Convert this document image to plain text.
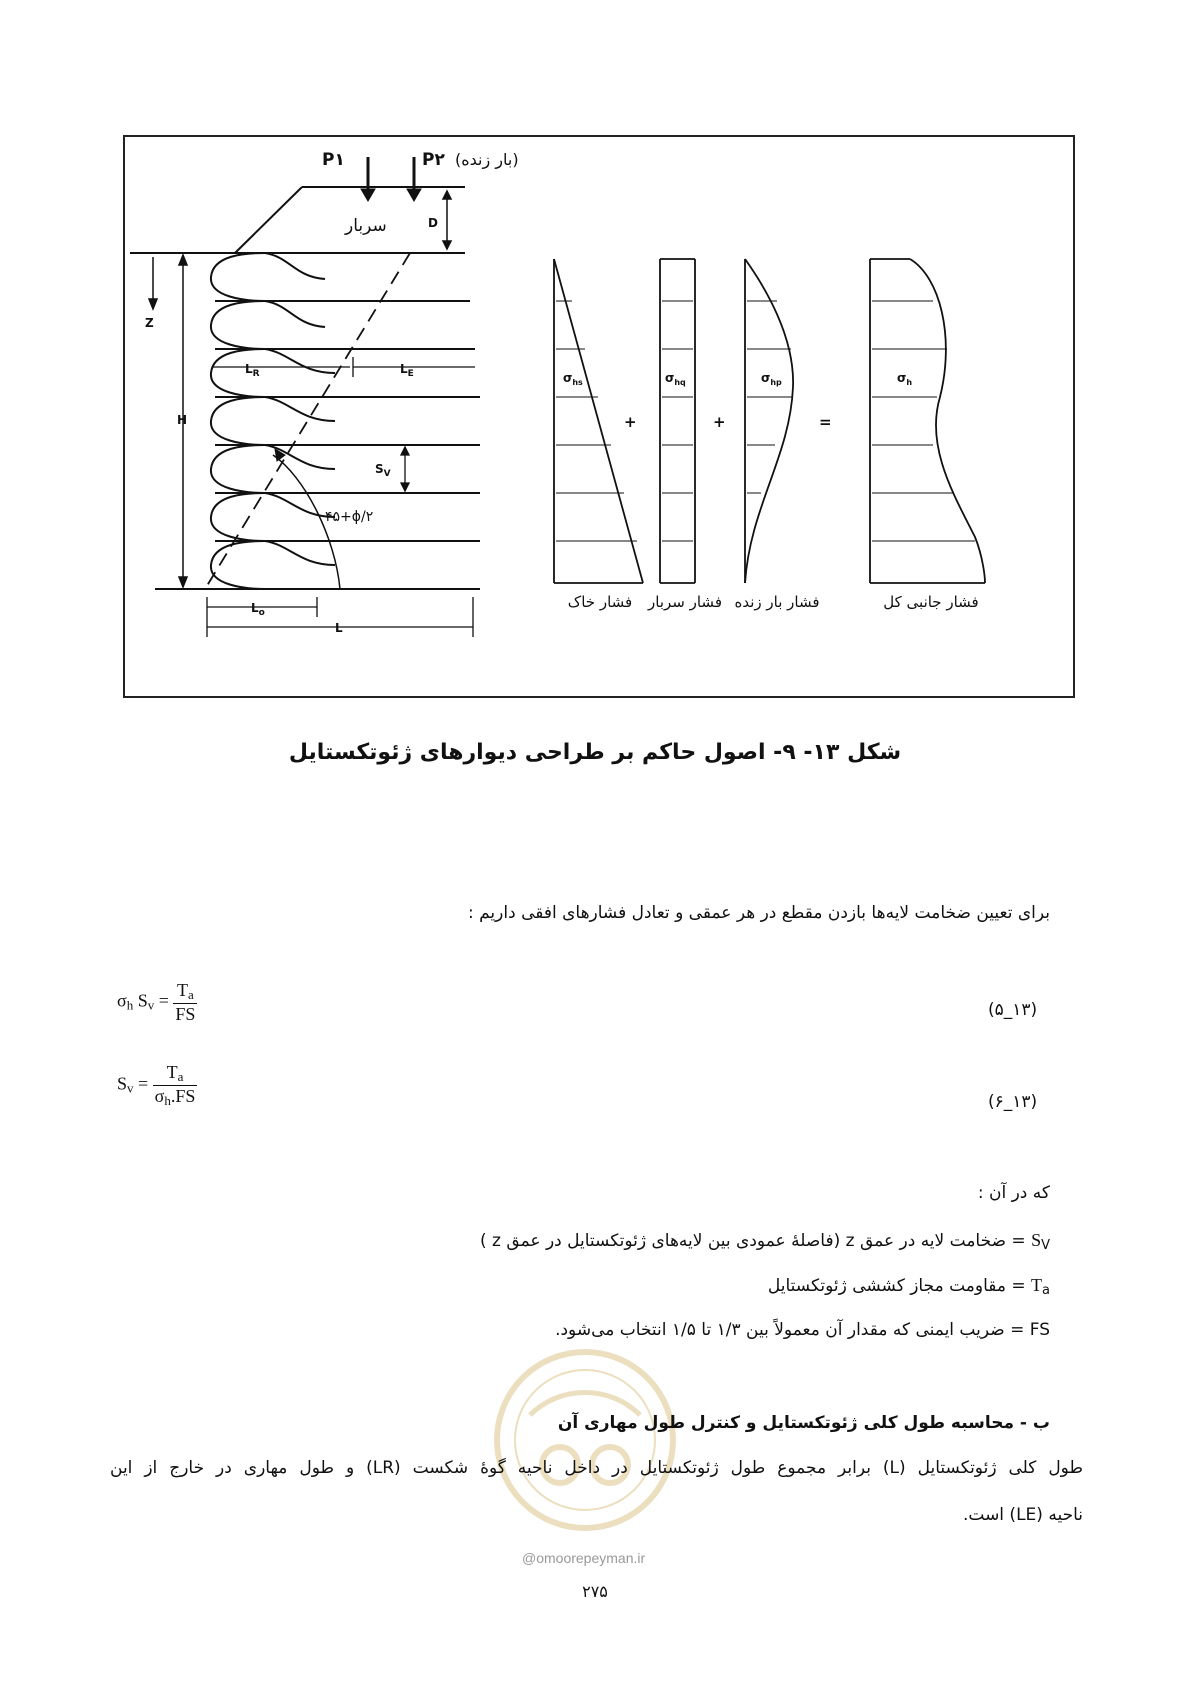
P۱	P۲ (بار زنده)
سربار	D
۴۵+ϕ/۲
Z
H
$L_R$	$L_E$
$S_V$
$L_o$
L
$\sigma_{hs}$	$\sigma_{hq}$	$\sigma_{hp}$	$\sigma_h$
+	+	=
فشار خاک فشار سربار فشار بار زنده	فشار جانبی کل
شکل ۱۳- ۹- اصول حاکم بر طراحی دیوارهای ژئوتکستایل
برای تعیین ضخامت لایه‌ها بازدن مقطع در هر عمقی و تعادل فشارهای افقی داریم :
$\sigma_h$ $S_v = \frac{T_a}{FS}$	(۱۳_۵)
$S_v = \frac{T_a}{\sigma_h.FS}$	(۱۳_۶)
که در آن :
$S_V$ = ضخامت لایه در عمق z (فاصلهٔ عمودی بین لایه‌های ژئوتکستایل در عمق z )
$T_a$ = مقاومت مجاز کششی ژئوتکستایل
FS = ضریب ایمنی که مقدار آن معمولاً بین ۱/۳ تا ۱/۵ انتخاب می‌شود.
ب - محاسبه طول کلی ژئوتکستایل و کنترل طول مهاری آن
طول کلی ژئوتکستایل (L) برابر مجموع طول ژئوتکستایل در داخل ناحیه گوهٔ شکست (LR) و طول مهاری در خارج از این
ناحیه (LE) است.
@omoorepeyman.ir
۲۷۵
